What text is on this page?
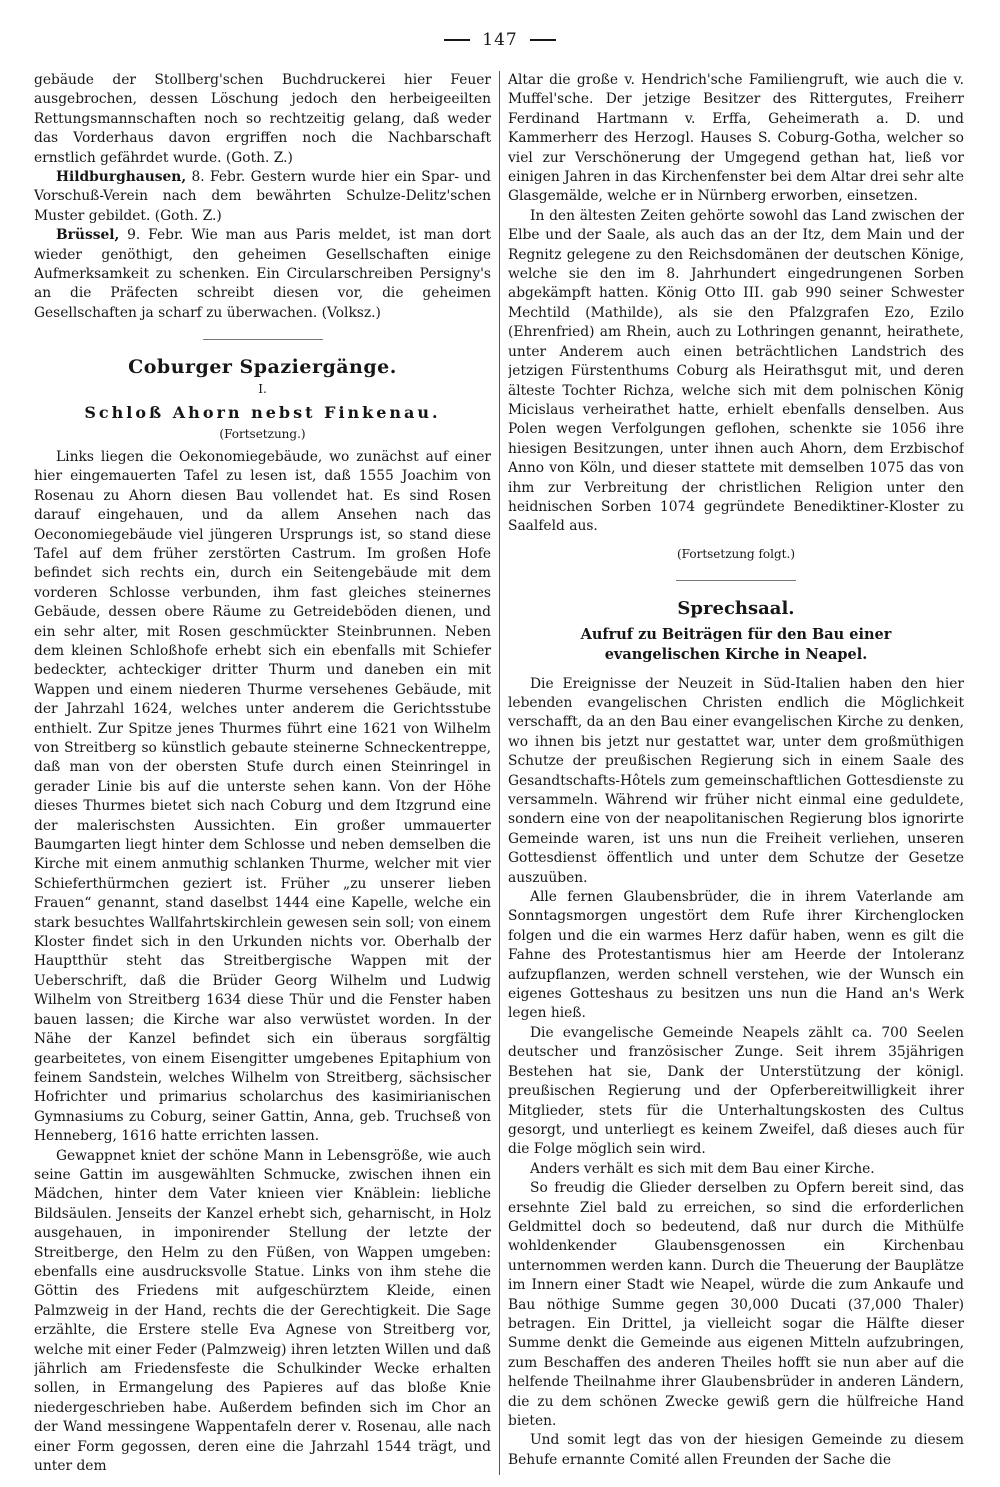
147

gebäude der Stollberg'schen Buchdruckerei hier Feuer ausgebrochen, dessen Löschung jedoch den herbeigeeilten Rettungsmannschaften noch so rechtzeitig gelang, daß weder das Vorderhaus davon ergriffen noch die Nachbarschaft ernstlich gefährdet wurde. (Goth. Z.)

Hildburghausen, 8. Febr. Gestern wurde hier ein Spar- und Vorschuß-Verein nach dem bewährten Schulze-Delitz'schen Muster gebildet. (Goth. Z.)

Brüssel, 9. Febr. Wie man aus Paris meldet, ist man dort wieder genöthigt, den geheimen Gesellschaften einige Aufmerksamkeit zu schenken. Ein Circularschreiben Persigny's an die Präfecten schreibt diesen vor, die geheimen Gesellschaften ja scharf zu überwachen. (Volksz.)

Coburger Spaziergänge.
I.
Schloß Ahorn nebst Finkenau.
(Fortsetzung.)

Links liegen die Oekonomiegebäude, wo zunächst auf einer hier eingemauerten Tafel zu lesen ist, daß 1555 Joachim von Rosenau zu Ahorn diesen Bau vollendet hat. Es sind Rosen darauf eingehauen, und da allem Ansehen nach das Oeconomiegebäude viel jüngeren Ursprungs ist, so stand diese Tafel auf dem früher zerstörten Castrum. Im großen Hofe befindet sich rechts ein, durch ein Seitengebäude mit dem vorderen Schlosse verbunden, ihm fast gleiches steinernes Gebäude, dessen obere Räume zu Getreideböden dienen, und ein sehr alter, mit Rosen geschmückter Steinbrunnen. Neben dem kleinen Schloßhofe erhebt sich ein ebenfalls mit Schiefer bedeckter, achteckiger dritter Thurm und daneben ein mit Wappen und einem niederen Thurme versehenes Gebäude, mit der Jahrzahl 1624, welches unter anderem die Gerichtsstube enthielt. Zur Spitze jenes Thurmes führt eine 1621 von Wilhelm von Streitberg so künstlich gebaute steinerne Schneckentreppe, daß man von der obersten Stufe durch einen Steinringel in gerader Linie bis auf die unterste sehen kann. Von der Höhe dieses Thurmes bietet sich nach Coburg und dem Itzgrund eine der malerischsten Aussichten. Ein großer ummauerter Baumgarten liegt hinter dem Schlosse und neben demselben die Kirche mit einem anmuthig schlanken Thurme, welcher mit vier Schieferthürmchen geziert ist. Früher „zu unserer lieben Frauen“ genannt, stand daselbst 1444 eine Kapelle, welche ein stark besuchtes Wallfahrtskirchlein gewesen sein soll; von einem Kloster findet sich in den Urkunden nichts vor. Oberhalb der Hauptthür steht das Streitbergische Wappen mit der Ueberschrift, daß die Brüder Georg Wilhelm und Ludwig Wilhelm von Streitberg 1634 diese Thür und die Fenster haben bauen lassen; die Kirche war also verwüstet worden. In der Nähe der Kanzel befindet sich ein überaus sorgfältig gearbeitetes, von einem Eisengitter umgebenes Epitaphium von feinem Sandstein, welches Wilhelm von Streitberg, sächsischer Hofrichter und primarius scholarchus des kasimirianischen Gymnasiums zu Coburg, seiner Gattin, Anna, geb. Truchseß von Henneberg, 1616 hatte errichten lassen.

Gewappnet kniet der schöne Mann in Lebensgröße, wie auch seine Gattin im ausgewählten Schmucke, zwischen ihnen ein Mädchen, hinter dem Vater knieen vier Knäblein: liebliche Bildsäulen. Jenseits der Kanzel erhebt sich, geharnischt, in Holz ausgehauen, in imponirender Stellung der letzte der Streitberge, den Helm zu den Füßen, von Wappen umgeben: ebenfalls eine ausdrucksvolle Statue. Links von ihm stehe die Göttin des Friedens mit aufgeschürztem Kleide, einen Palmzweig in der Hand, rechts die der Gerechtigkeit. Die Sage erzählte, die Erstere stelle Eva Agnese von Streitberg vor, welche mit einer Feder (Palmzweig) ihren letzten Willen und daß jährlich am Friedensfeste die Schulkinder Wecke erhalten sollen, in Ermangelung des Papieres auf das bloße Knie niedergeschrieben habe. Außerdem befinden sich im Chor an der Wand messingene Wappentafeln derer v. Rosenau, alle nach einer Form gegossen, deren eine die Jahrzahl 1544 trägt, und unter dem

Altar die große v. Hendrich'sche Familiengruft, wie auch die v. Muffel'sche. Der jetzige Besitzer des Rittergutes, Freiherr Ferdinand Hartmann v. Erffa, Geheimerath a. D. und Kammerherr des Herzogl. Hauses S. Coburg-Gotha, welcher so viel zur Verschönerung der Umgegend gethan hat, ließ vor einigen Jahren in das Kirchenfenster bei dem Altar drei sehr alte Glasgemälde, welche er in Nürnberg erworben, einsetzen.

In den ältesten Zeiten gehörte sowohl das Land zwischen der Elbe und der Saale, als auch das an der Itz, dem Main und der Regnitz gelegene zu den Reichsdomänen der deutschen Könige, welche sie den im 8. Jahrhundert eingedrungenen Sorben abgekämpft hatten. König Otto III. gab 990 seiner Schwester Mechtild (Mathilde), als sie den Pfalzgrafen Ezo, Ezilo (Ehrenfried) am Rhein, auch zu Lothringen genannt, heirathete, unter Anderem auch einen beträchtlichen Landstrich des jetzigen Fürstenthums Coburg als Heirathsgut mit, und deren älteste Tochter Richza, welche sich mit dem polnischen König Micislaus verheirathet hatte, erhielt ebenfalls denselben. Aus Polen wegen Verfolgungen geflohen, schenkte sie 1056 ihre hiesigen Besitzungen, unter ihnen auch Ahorn, dem Erzbischof Anno von Köln, und dieser stattete mit demselben 1075 das von ihm zur Verbreitung der christlichen Religion unter den heidnischen Sorben 1074 gegründete Benediktiner-Kloster zu Saalfeld aus.

(Fortsetzung folgt.)
Sprechsaal.
Aufruf zu Beiträgen für den Bau einer evangelischen Kirche in Neapel.

Die Ereignisse der Neuzeit in Süd-Italien haben den hier lebenden evangelischen Christen endlich die Möglichkeit verschafft, da an den Bau einer evangelischen Kirche zu denken, wo ihnen bis jetzt nur gestattet war, unter dem großmüthigen Schutze der preußischen Regierung sich in einem Saale des Gesandtschafts-Hôtels zum gemeinschaftlichen Gottesdienste zu versammeln. Während wir früher nicht einmal eine geduldete, sondern eine von der neapolitanischen Regierung blos ignorirte Gemeinde waren, ist uns nun die Freiheit verliehen, unseren Gottesdienst öffentlich und unter dem Schutze der Gesetze auszuüben.

Alle fernen Glaubensbrüder, die in ihrem Vaterlande am Sonntagsmorgen ungestört dem Rufe ihrer Kirchenglocken folgen und die ein warmes Herz dafür haben, wenn es gilt die Fahne des Protestantismus hier am Heerde der Intoleranz aufzupflanzen, werden schnell verstehen, wie der Wunsch ein eigenes Gotteshaus zu besitzen uns nun die Hand an's Werk legen hieß.

Die evangelische Gemeinde Neapels zählt ca. 700 Seelen deutscher und französischer Zunge. Seit ihrem 35jährigen Bestehen hat sie, Dank der Unterstützung der königl. preußischen Regierung und der Opferbereitwilligkeit ihrer Mitglieder, stets für die Unterhaltungskosten des Cultus gesorgt, und unterliegt es keinem Zweifel, daß dieses auch für die Folge möglich sein wird.

Anders verhält es sich mit dem Bau einer Kirche.

So freudig die Glieder derselben zu Opfern bereit sind, das ersehnte Ziel bald zu erreichen, so sind die erforderlichen Geldmittel doch so bedeutend, daß nur durch die Mithülfe wohldenkender Glaubensgenossen ein Kirchenbau unternommen werden kann. Durch die Theuerung der Bauplätze im Innern einer Stadt wie Neapel, würde die zum Ankaufe und Bau nöthige Summe gegen 30,000 Ducati (37,000 Thaler) betragen. Ein Drittel, ja vielleicht sogar die Hälfte dieser Summe denkt die Gemeinde aus eigenen Mitteln aufzubringen, zum Beschaffen des anderen Theiles hofft sie nun aber auf die helfende Theilnahme ihrer Glaubensbrüder in anderen Ländern, die zu dem schönen Zwecke gewiß gern die hülfreiche Hand bieten.

Und somit legt das von der hiesigen Gemeinde zu diesem Behufe ernannte Comité allen Freunden der Sache die
